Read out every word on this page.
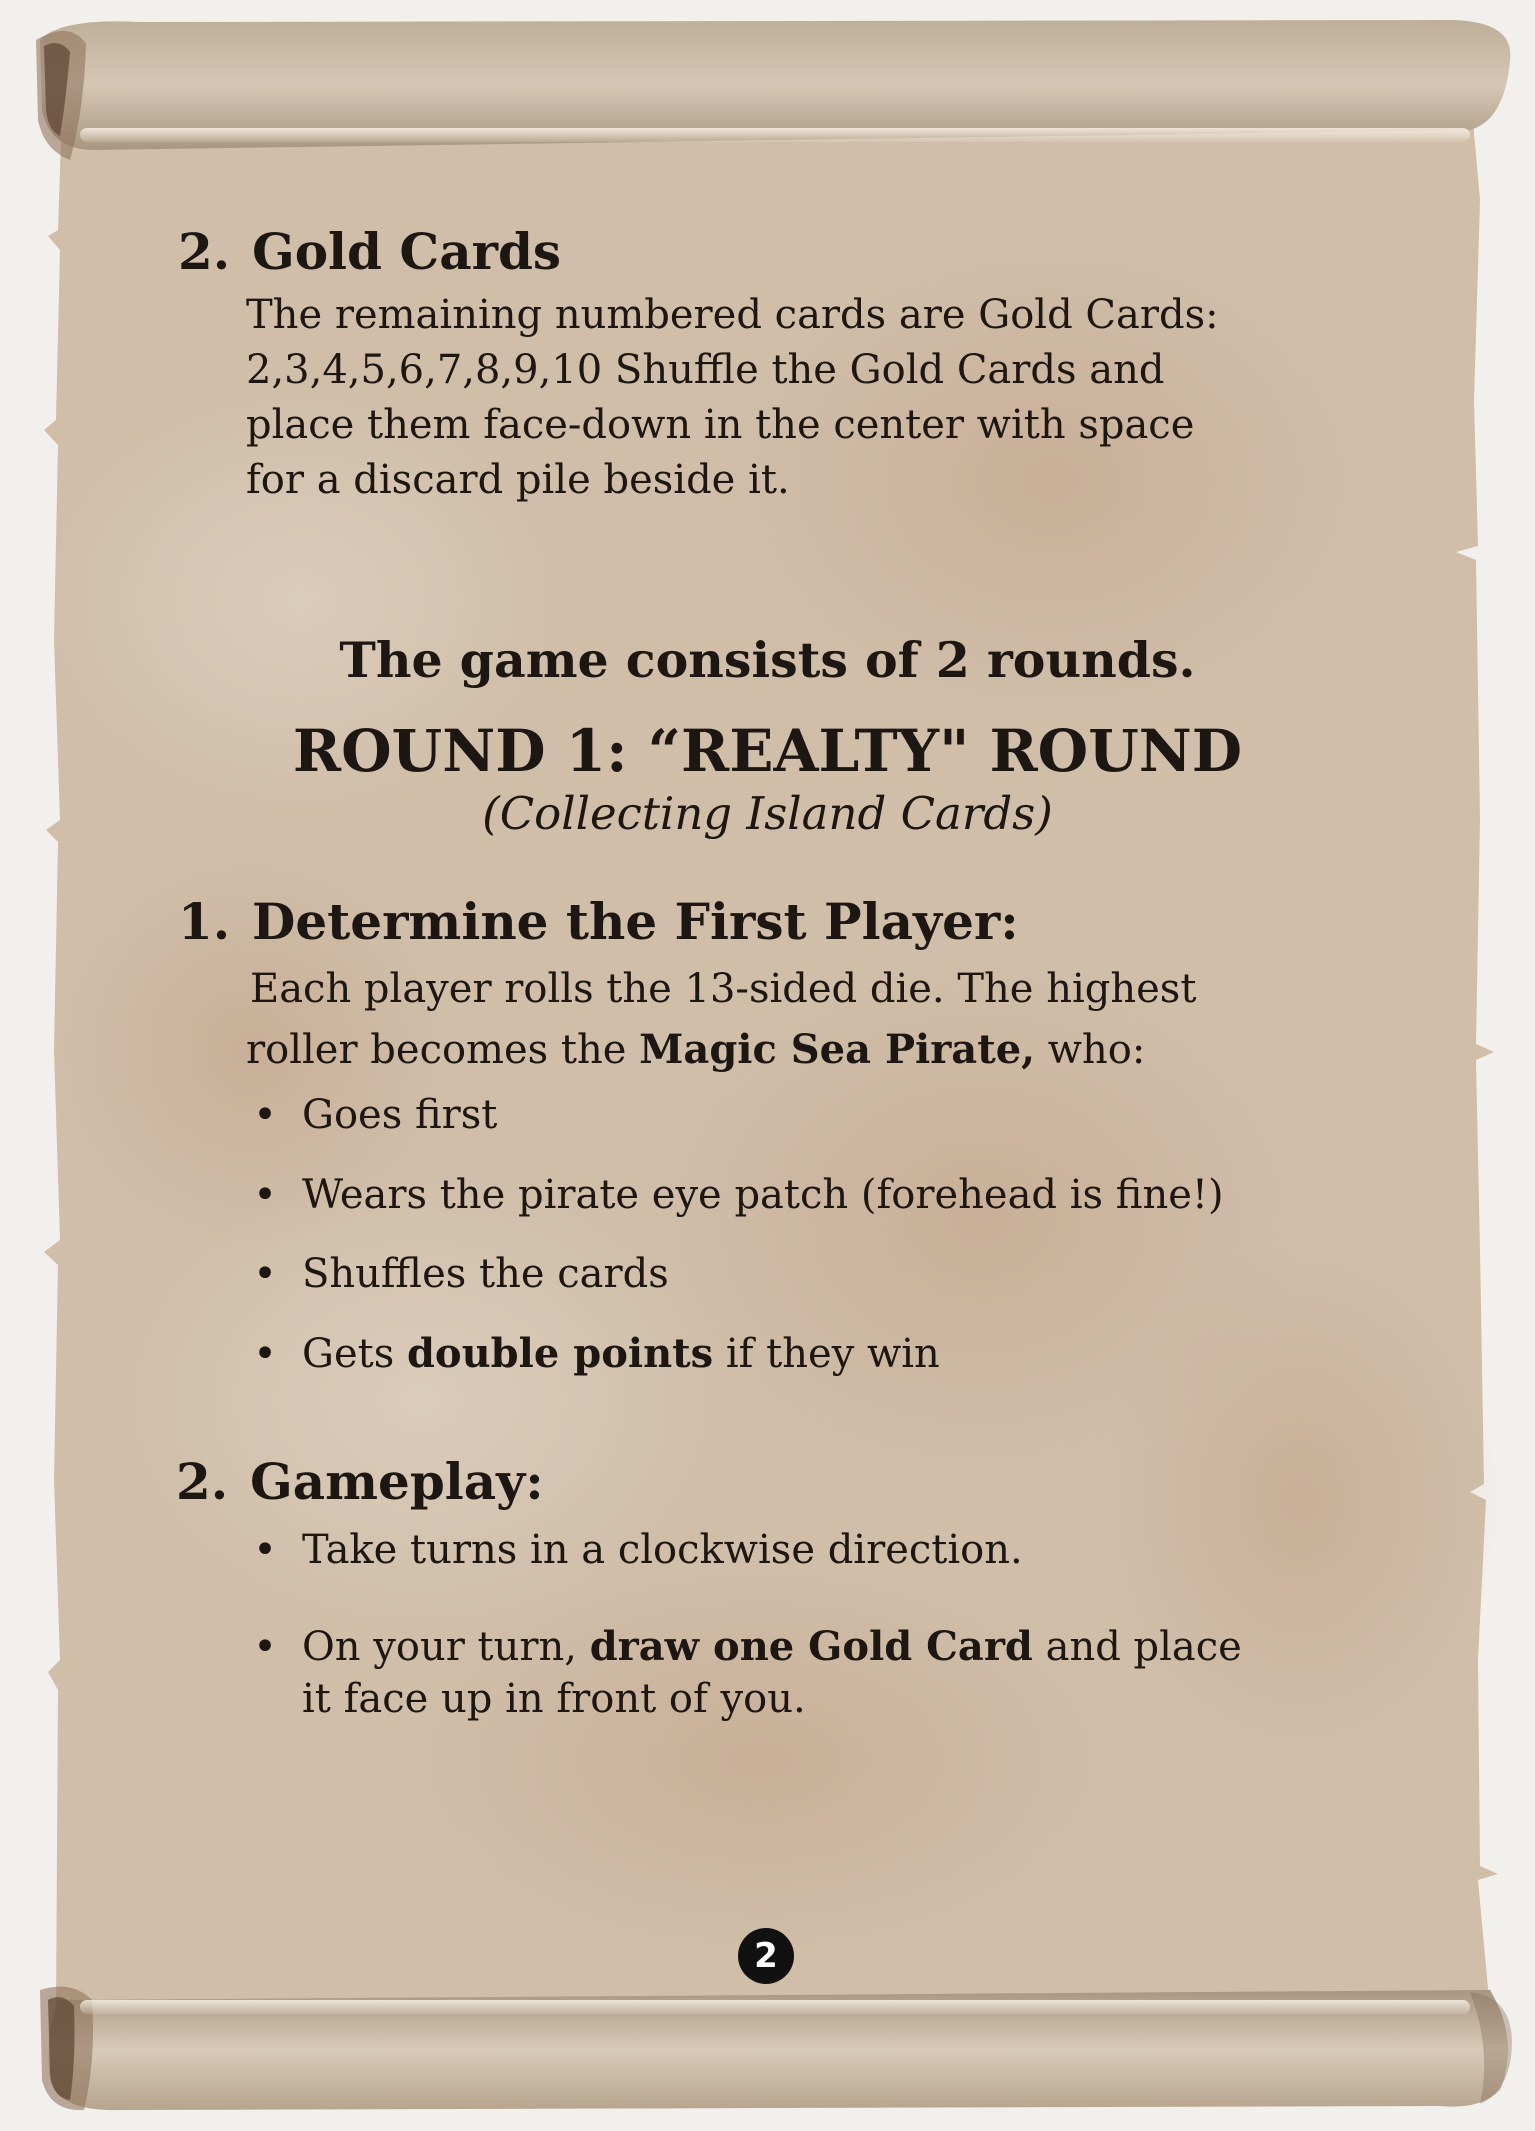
2. Gold Cards
The remaining numbered cards are Gold Cards:
2,3,4,5,6,7,8,9,10 Shuffle the Gold Cards and
place them face-down in the center with space
for a discard pile beside it.
The game consists of 2 rounds.
ROUND 1: “REALTY" ROUND
(Collecting Island Cards)
1. Determine the First Player:
Each player rolls the 13-sided die. The highest
roller becomes the Magic Sea Pirate, who:
• Goes first
• Wears the pirate eye patch (forehead is fine!)
• Shuffles the cards
• Gets double points if they win
2. Gameplay:
• Take turns in a clockwise direction.
• On your turn, draw one Gold Card and place
it face up in front of you.
2
